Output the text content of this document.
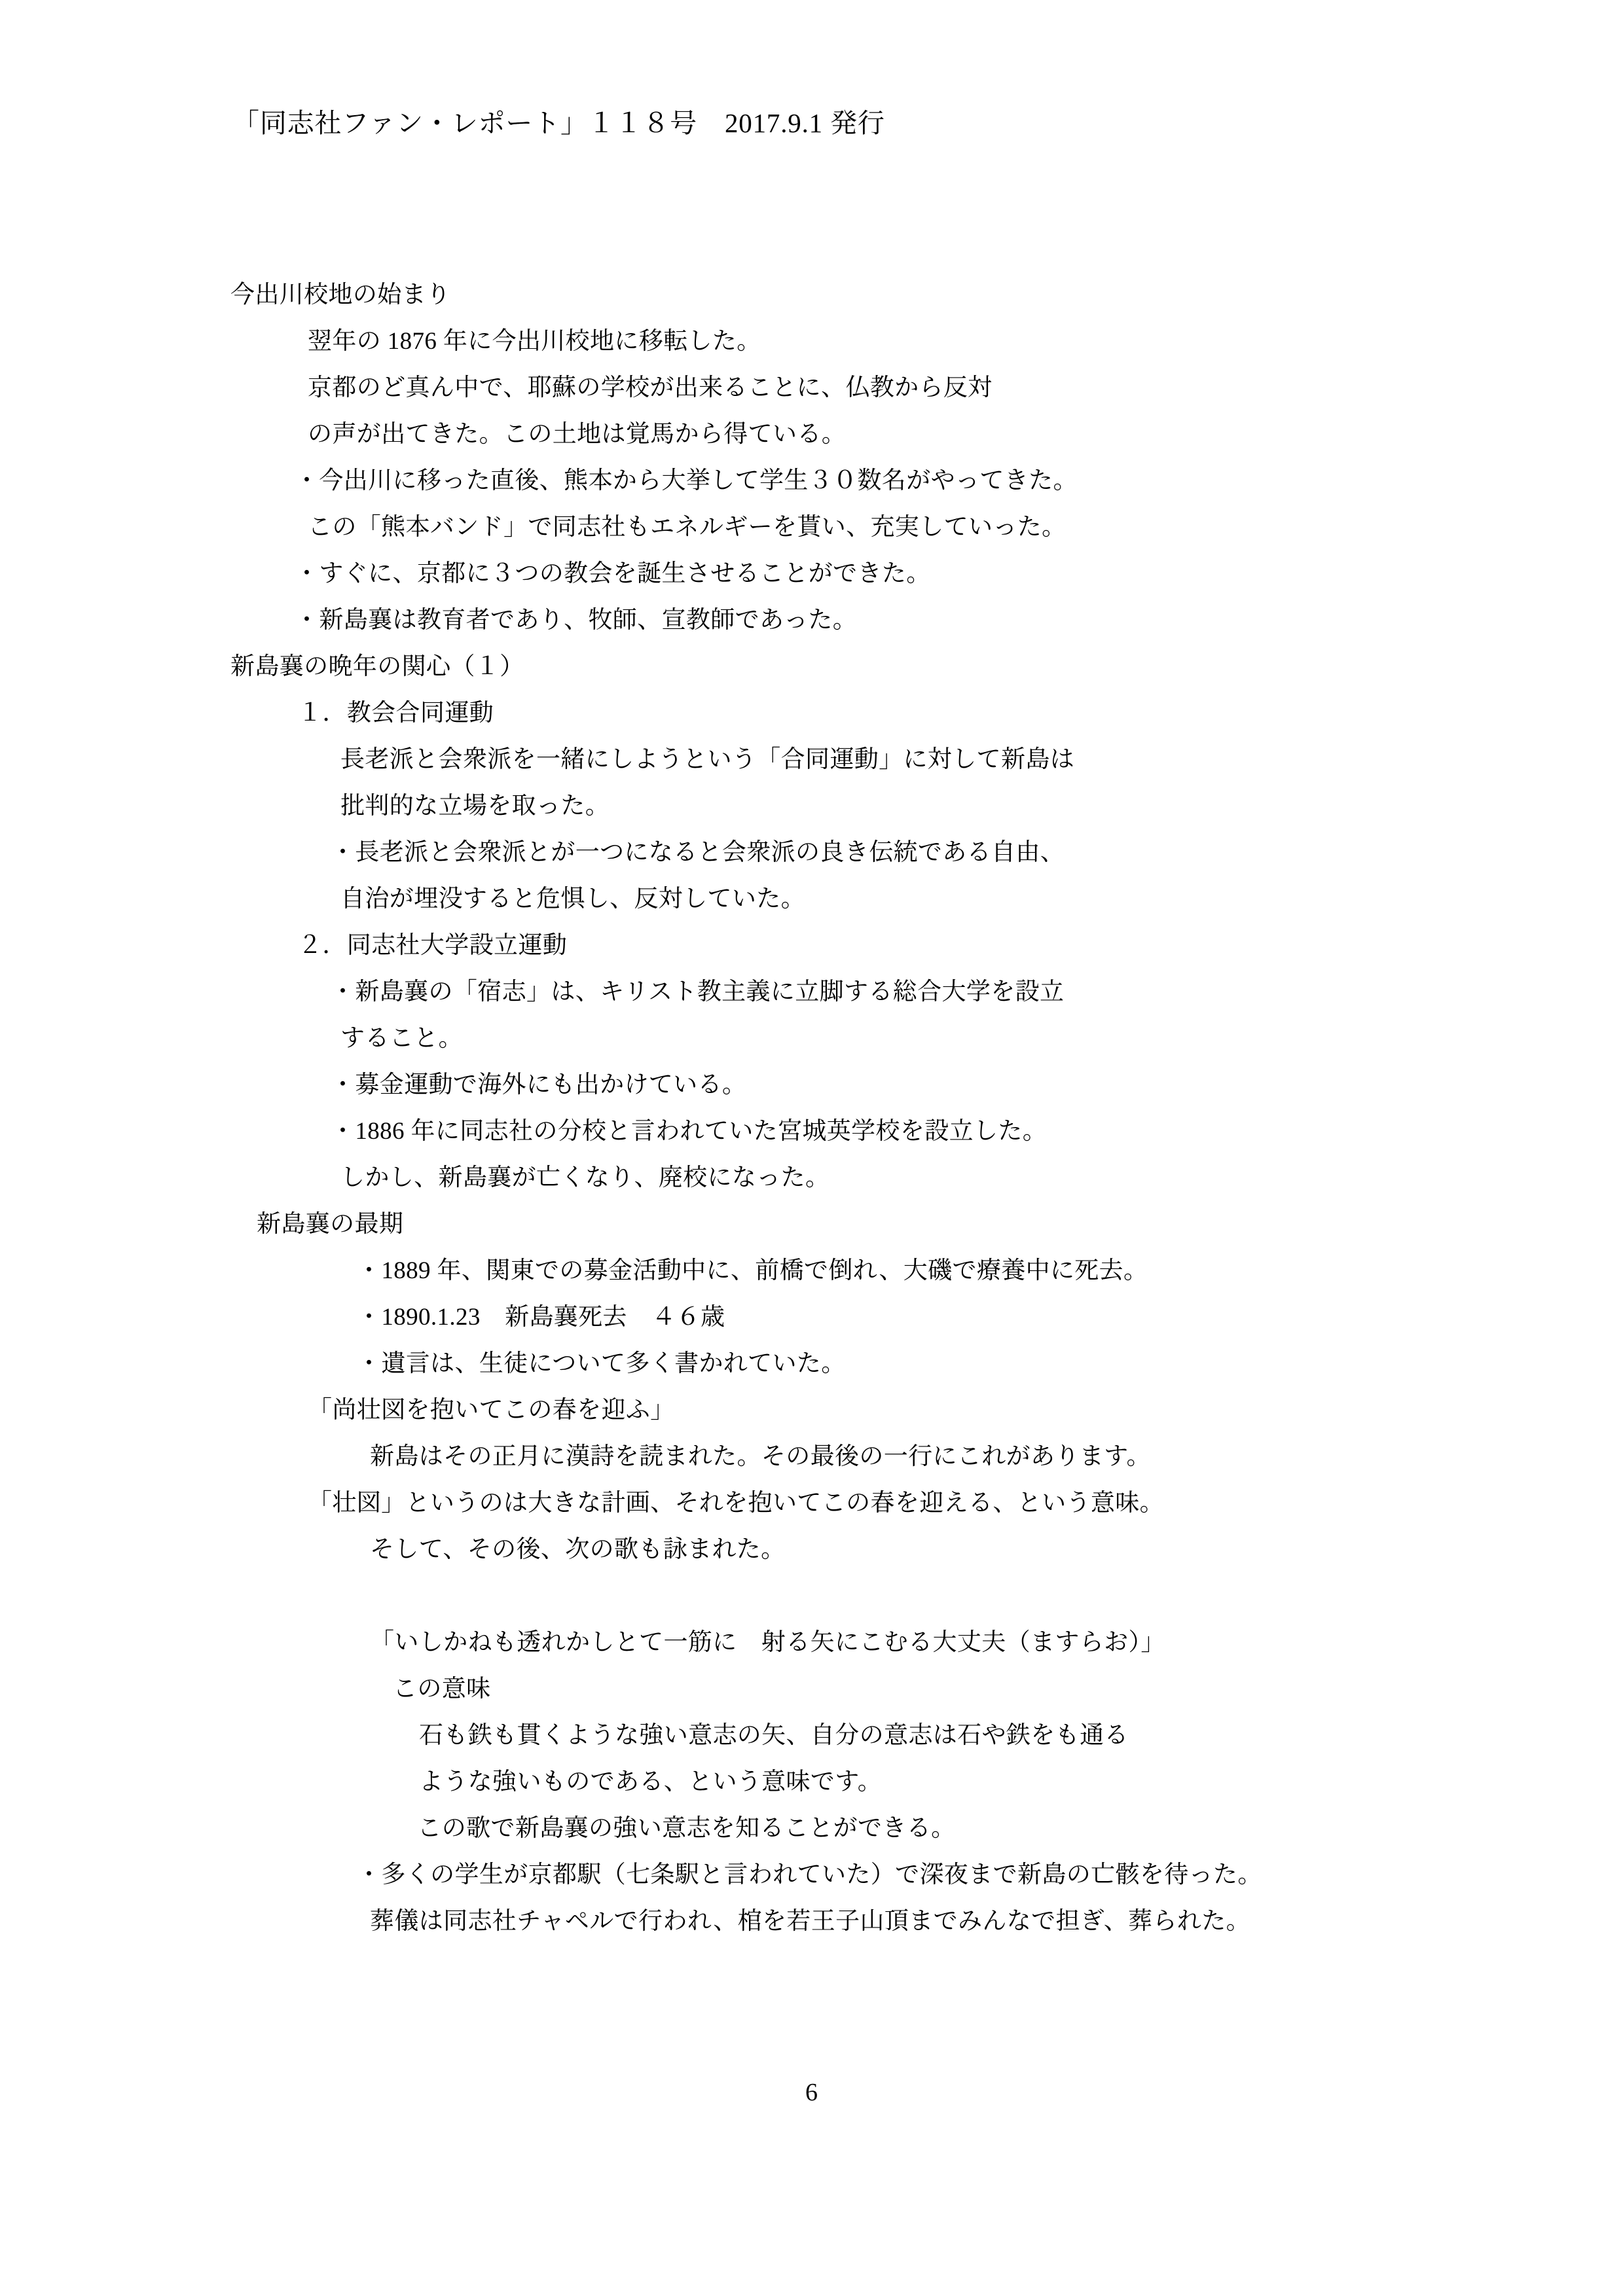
「同志社ファン・レポート」１１８号　2017.9.1 発行
今出川校地の始まり
翌年の 1876 年に今出川校地に移転した。
京都のど真ん中で、耶蘇の学校が出来ることに、仏教から反対
の声が出てきた。この土地は覚馬から得ている。
・今出川に移った直後、熊本から大挙して学生３０数名がやってきた。
この「熊本バンド」で同志社もエネルギーを貰い、充実していった。
・すぐに、京都に３つの教会を誕生させることができた。
・新島襄は教育者であり、牧師、宣教師であった。
新島襄の晩年の関心（１）
１．教会合同運動
長老派と会衆派を一緒にしようという「合同運動」に対して新島は
批判的な立場を取った。
・長老派と会衆派とが一つになると会衆派の良き伝統である自由、
自治が埋没すると危惧し、反対していた。
２．同志社大学設立運動
・新島襄の「宿志」は、キリスト教主義に立脚する総合大学を設立
すること。
・募金運動で海外にも出かけている。
・1886 年に同志社の分校と言われていた宮城英学校を設立した。
しかし、新島襄が亡くなり、廃校になった。
新島襄の最期
・1889 年、関東での募金活動中に、前橋で倒れ、大磯で療養中に死去。
・1890.1.23　新島襄死去　４６歳
・遺言は、生徒について多く書かれていた。
「尚壮図を抱いてこの春を迎ふ」
新島はその正月に漢詩を読まれた。その最後の一行にこれがあります。
「壮図」というのは大きな計画、それを抱いてこの春を迎える、という意味。
そして、その後、次の歌も詠まれた。

「いしかねも透れかしとて一筋に　射る矢にこむる大丈夫（ますらお）」
この意味
石も鉄も貫くような強い意志の矢、自分の意志は石や鉄をも通る
ような強いものである、という意味です。
　この歌で新島襄の強い意志を知ることができる。
・多くの学生が京都駅（七条駅と言われていた）で深夜まで新島の亡骸を待った。
葬儀は同志社チャペルで行われ、棺を若王子山頂までみんなで担ぎ、葬られた。
6
